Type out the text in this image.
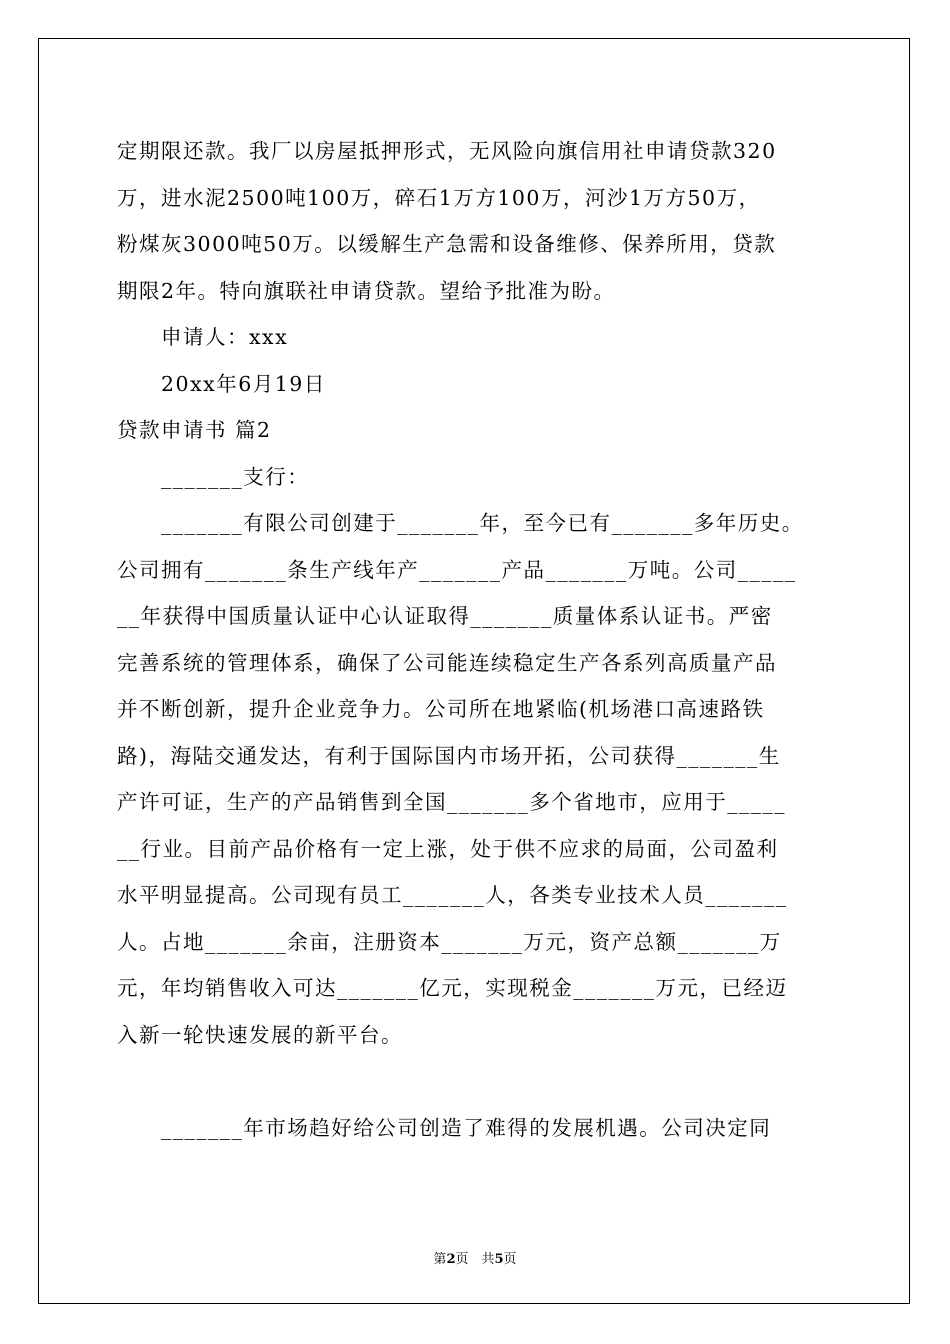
定期限还款。我厂以房屋抵押形式，无风险向旗信用社申请贷款320
万，进水泥2500吨100万，碎石1万方100万，河沙1万方50万，
粉煤灰3000吨50万。以缓解生产急需和设备维修、保养所用，贷款
期限2年。特向旗联社申请贷款。望给予批准为盼。
申请人：xxx
20xx年6月19日
贷款申请书 篇2
_______支行：
_______有限公司创建于_______年，至今已有_______多年历史。
公司拥有_______条生产线年产_______产品_______万吨。公司_____
__年获得中国质量认证中心认证取得_______质量体系认证书。严密
完善系统的管理体系，确保了公司能连续稳定生产各系列高质量产品
并不断创新，提升企业竞争力。公司所在地紧临(机场港口高速路铁
路)，海陆交通发达，有利于国际国内市场开拓，公司获得_______生
产许可证，生产的产品销售到全国_______多个省地市，应用于_____
__行业。目前产品价格有一定上涨，处于供不应求的局面，公司盈利
水平明显提高。公司现有员工_______人，各类专业技术人员_______
人。占地_______余亩，注册资本_______万元，资产总额_______万
元，年均销售收入可达_______亿元，实现税金_______万元，已经迈
入新一轮快速发展的新平台。
_______年市场趋好给公司创造了难得的发展机遇。公司决定同
第2页　共5页
